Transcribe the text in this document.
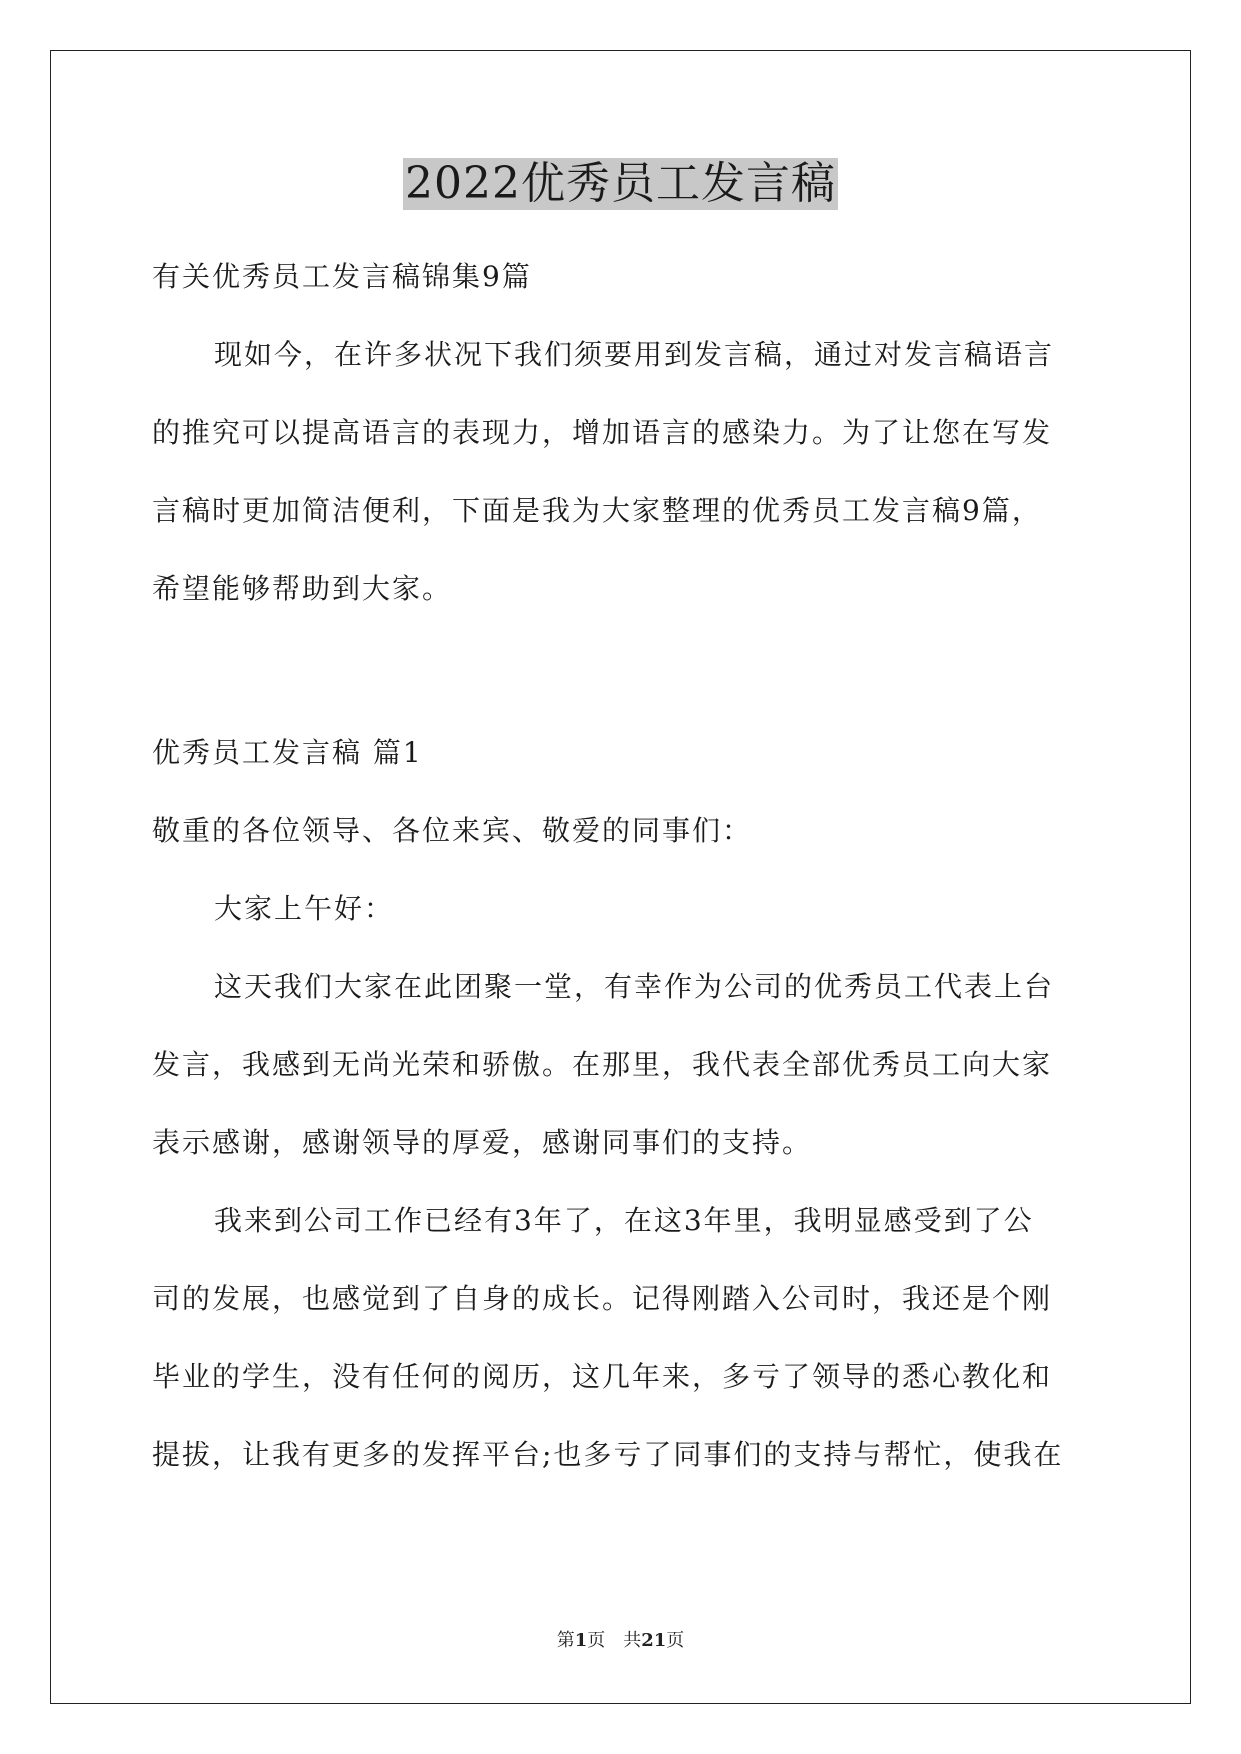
2022优秀员工发言稿

有关优秀员工发言稿锦集9篇

现如今，在许多状况下我们须要用到发言稿，通过对发言稿语言

的推究可以提高语言的表现力，增加语言的感染力。为了让您在写发

言稿时更加简洁便利，下面是我为大家整理的优秀员工发言稿9篇，

希望能够帮助到大家。

优秀员工发言稿 篇1

敬重的各位领导、各位来宾、敬爱的同事们：

大家上午好：

这天我们大家在此团聚一堂，有幸作为公司的优秀员工代表上台

发言，我感到无尚光荣和骄傲。在那里，我代表全部优秀员工向大家

表示感谢，感谢领导的厚爱，感谢同事们的支持。

我来到公司工作已经有3年了，在这3年里，我明显感受到了公

司的发展，也感觉到了自身的成长。记得刚踏入公司时，我还是个刚

毕业的学生，没有任何的阅历，这几年来，多亏了领导的悉心教化和

提拔，让我有更多的发挥平台;也多亏了同事们的支持与帮忙，使我在

第1页 共21页
